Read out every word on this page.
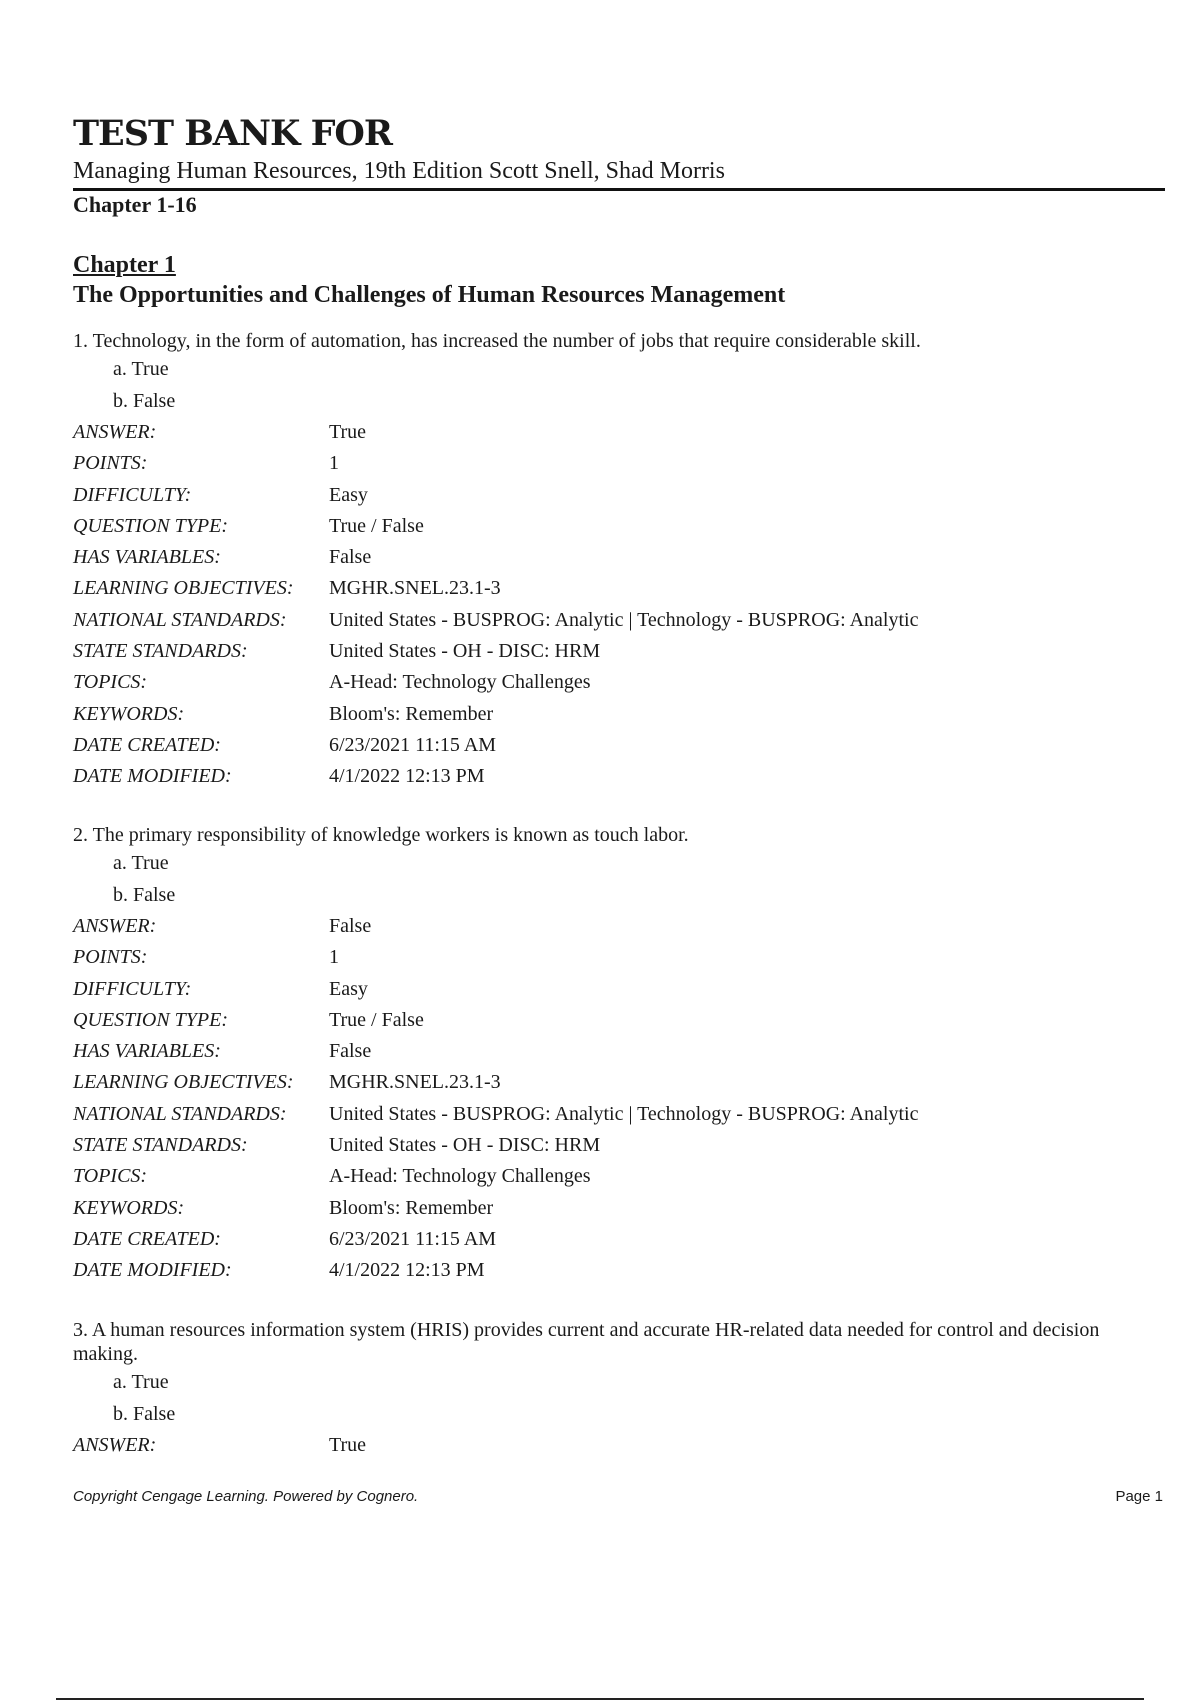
TEST BANK FOR
Managing Human Resources, 19th Edition Scott Snell, Shad Morris
Chapter 1-16
Chapter 1
The Opportunities and Challenges of Human Resources Management

1. Technology, in the form of automation, has increased the number of jobs that require considerable skill.

a. True

b. False

ANSWER:	True
POINTS:	1
DIFFICULTY:	Easy
QUESTION TYPE:	True / False
HAS VARIABLES:	False
LEARNING OBJECTIVES:	MGHR.SNEL.23.1-3
NATIONAL STANDARDS:	United States - BUSPROG: Analytic | Technology - BUSPROG: Analytic
STATE STANDARDS:	United States - OH - DISC: HRM
TOPICS:	A-Head: Technology Challenges
KEYWORDS:	Bloom's: Remember
DATE CREATED:	6/23/2021 11:15 AM
DATE MODIFIED:	4/1/2022 12:13 PM

2. The primary responsibility of knowledge workers is known as touch labor.

a. True

b. False

ANSWER:	False
POINTS:	1
DIFFICULTY:	Easy
QUESTION TYPE:	True / False
HAS VARIABLES:	False
LEARNING OBJECTIVES:	MGHR.SNEL.23.1-3
NATIONAL STANDARDS:	United States - BUSPROG: Analytic | Technology - BUSPROG: Analytic
STATE STANDARDS:	United States - OH - DISC: HRM
TOPICS:	A-Head: Technology Challenges
KEYWORDS:	Bloom's: Remember
DATE CREATED:	6/23/2021 11:15 AM
DATE MODIFIED:	4/1/2022 12:13 PM

3. A human resources information system (HRIS) provides current and accurate HR-related data needed for control and decision making.

a. True

b. False

ANSWER:	True
Copyright Cengage Learning. Powered by Cognero.	Page 1
